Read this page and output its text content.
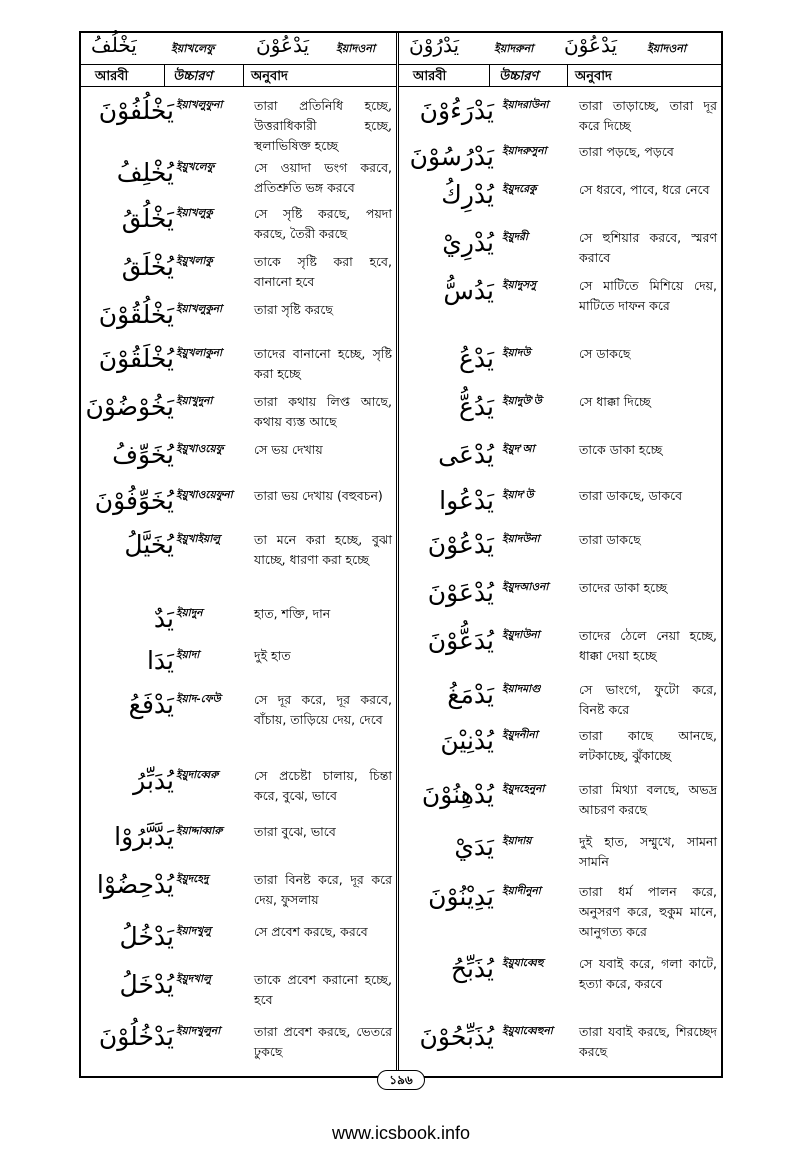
يَخْلُفُ	ইয়াখলেফু يَدْعُوْنَ ইয়াদওনা يَدْرُوْنَ	ইয়াদরুনা يَدْعُوْنَ	ইয়াদওনা
আরবী	উচ্চারণ	অনুবাদ	আরবী	উচ্চারণ	অনুবাদ
يَخْلُفُوْنَ ইয়াখলুফুনা	তারা প্রতিনিধি হচ্ছে, উত্তরাধিকারী হচ্ছে, স্থলাভিষিক্ত হচ্ছে
يُخْلِفُ ইয়ুখলেফু	সে ওয়াদা ভংগ করবে, প্রতিশ্রুতি ভঙ্গ করবে
يَخْلُقُ ইয়াখলুকু	সে সৃষ্টি করছে, পয়দা করছে, তৈরী করছে
يُخْلَقُ ইয়ুখলাকু	তাকে সৃষ্টি করা হবে, বানানো হবে
يَخْلُقُوْنَ ইয়াখলুকুনা	তারা সৃষ্টি করছে
يُخْلَقُوْنَ ইয়ুখলাকুনা	তাদের বানানো হচ্ছে, সৃষ্টি করা হচ্ছে
يَخُوْضُوْنَ ইয়াখুদুনা	তারা কথায় লিপ্ত আছে, কথায় ব্যস্ত আছে
يُخَوِّفُ ইয়ুখাওয়েফু সে ভয় দেখায়
يُخَوِّفُوْنَ ইয়ুখাওয়েফুনা তারা ভয় দেখায় (বহুবচন)
يُخَيَّلُ ইয়ুখাইয়ালু	তা মনে করা হচ্ছে, বুঝা যাচ্ছে, ধারণা করা হচ্ছে
يَدٌ ইয়াদুন	হাত, শক্তি, দান
يَدَا ইয়াদা	দুই হাত
يَدْفَعُ ইয়াদ-ফেউ	সে দূর করে, দূর করবে, বাঁচায়, তাড়িয়ে দেয়, দেবে
يُدَبِّرُ ইয়ুদাব্বেরু	সে প্রচেষ্টা চালায়, চিন্তা করে, বুঝে, ভাবে
يَدَّبَّرُوْا ইয়াদ্দাব্বারু	তারা বুঝে, ভাবে
يُدْحِضُوْا ইয়ুদহেদু	তারা বিনষ্ট করে, দূর করে দেয়, ফুসলায়
يَدْخُلُ ইয়াদখুলু	সে প্রবেশ করছে, করবে
يُدْخَلُ ইয়ুদখালু	তাকে প্রবেশ করানো হচ্ছে, হবে
يَدْخُلُوْنَ ইয়াদখুলুনা	তারা প্রবেশ করছে, ভেতরে ঢুকছে
يَدْرَءُوْنَ ইয়াদরাউনা তারা তাড়াচ্ছে, তারা দূর করে দিচ্ছে
يَدْرُسُوْنَ ইয়াদরুসুনা	তারা পড়ছে, পড়বে
يُدْرِكُ ইয়ুদরেকু	সে ধরবে, পাবে, ধরে নেবে
يُدْرِيْ ইয়ুদরী	সে হুশিয়ার করবে, স্মরণ করাবে
يَدُسُّ ইয়াদুসসু	সে মাটিতে মিশিয়ে দেয়, মাটিতে দাফন করে
يَدْعُ ইয়াদউ	সে ডাকছে
يَدُعُّ ইয়াদুউ'উ	সে ধাক্কা দিচ্ছে
يُدْعَى ইয়ুদ'আ	তাকে ডাকা হচ্ছে
يَدْعُوا ইয়াদ'উ	তারা ডাকছে, ডাকবে
يَدْعُوْنَ ইয়াদউনা	তারা ডাকছে
يُدْعَوْنَ ইয়ুদআওনা তাদের ডাকা হচ্ছে
يُدَعُّوْنَ ইয়ুদাউনা	তাদের ঠেলে নেয়া হচ্ছে, ধাক্কা দেয়া হচ্ছে
يَدْمَغُ ইয়াদমাগু	সে ভাংগে, ফুটো করে, বিনষ্ট করে
يُدْنِيْنَ ইয়ুদনীনা	তারা কাছে আনছে, লটকাচ্ছে, ঝুঁকাচ্ছে
يُدْهِنُوْنَ ইয়ুদহেনুনা	তারা মিথ্যা বলছে, অভদ্র আচরণ করছে
يَدَيْ ইয়াদায়	দুই হাত, সম্মুখে, সামনা সামনি
يَدِيْنُوْنَ ইয়াদীনুনা	তারা ধর্ম পালন করে, অনুসরণ করে, হুকুম মানে, আনুগত্য করে
يُذَبِّحُ ইয়ুযাব্বেহু	সে যবাই করে, গলা কাটে, হত্যা করে, করবে
يُذَبِّحُوْنَ ইয়ুযাব্বেহুনা তারা যবাই করছে, শিরচ্ছেদ করছে
১৯৬
www.icsbook.info
